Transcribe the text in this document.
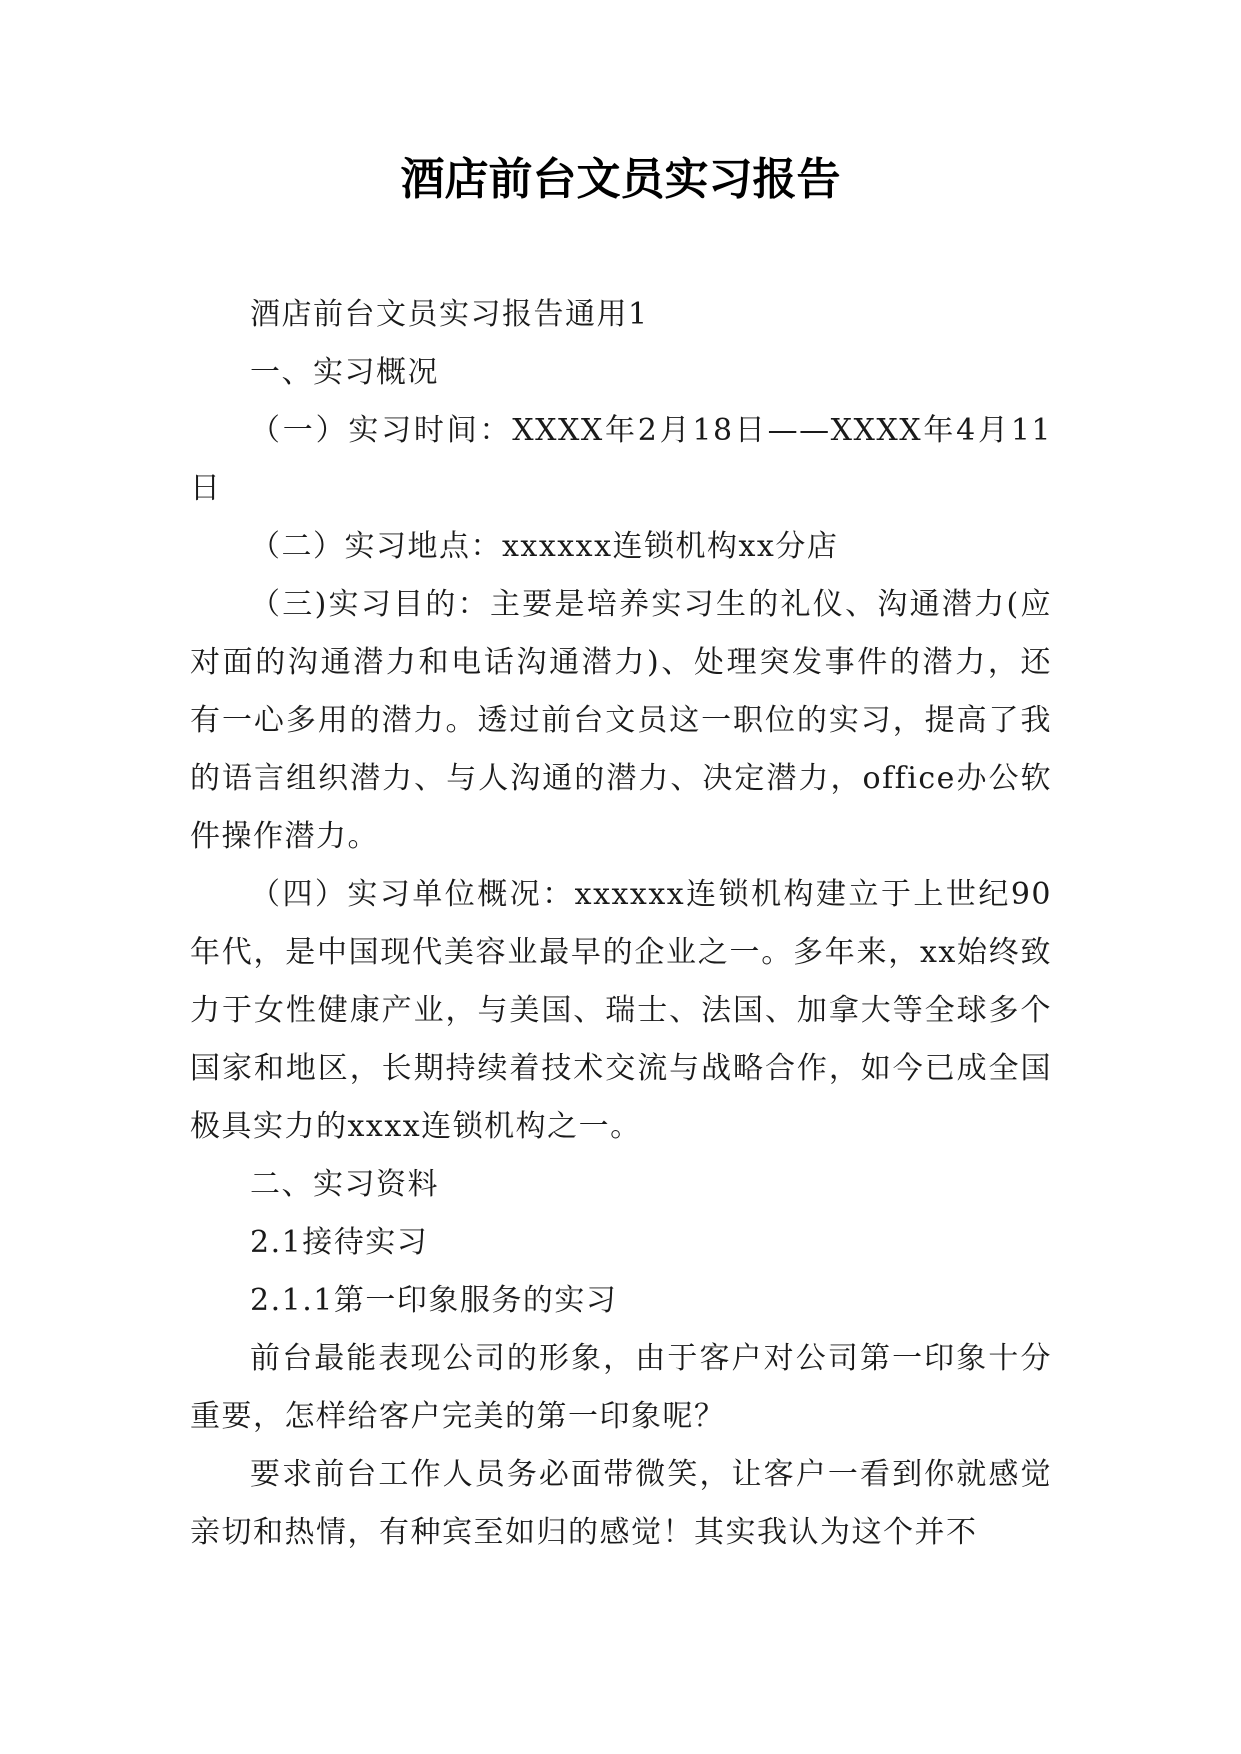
酒店前台文员实习报告

酒店前台文员实习报告通用1

一、实习概况

（一）实习时间：XXXX年2月18日——XXXX年4月11日

（二）实习地点：xxxxxx连锁机构xx分店

（三)实习目的：主要是培养实习生的礼仪、沟通潜力(应对面的沟通潜力和电话沟通潜力)、处理突发事件的潜力，还有一心多用的潜力。透过前台文员这一职位的实习，提高了我的语言组织潜力、与人沟通的潜力、决定潜力，office办公软件操作潜力。

（四）实习单位概况：xxxxxx连锁机构建立于上世纪90年代，是中国现代美容业最早的企业之一。多年来，xx始终致力于女性健康产业，与美国、瑞士、法国、加拿大等全球多个国家和地区，长期持续着技术交流与战略合作，如今已成全国极具实力的xxxx连锁机构之一。

二、实习资料

2.1接待实习

2.1.1第一印象服务的实习

前台最能表现公司的形象，由于客户对公司第一印象十分重要，怎样给客户完美的第一印象呢？

要求前台工作人员务必面带微笑，让客户一看到你就感觉亲切和热情，有种宾至如归的感觉！其实我认为这个并不
